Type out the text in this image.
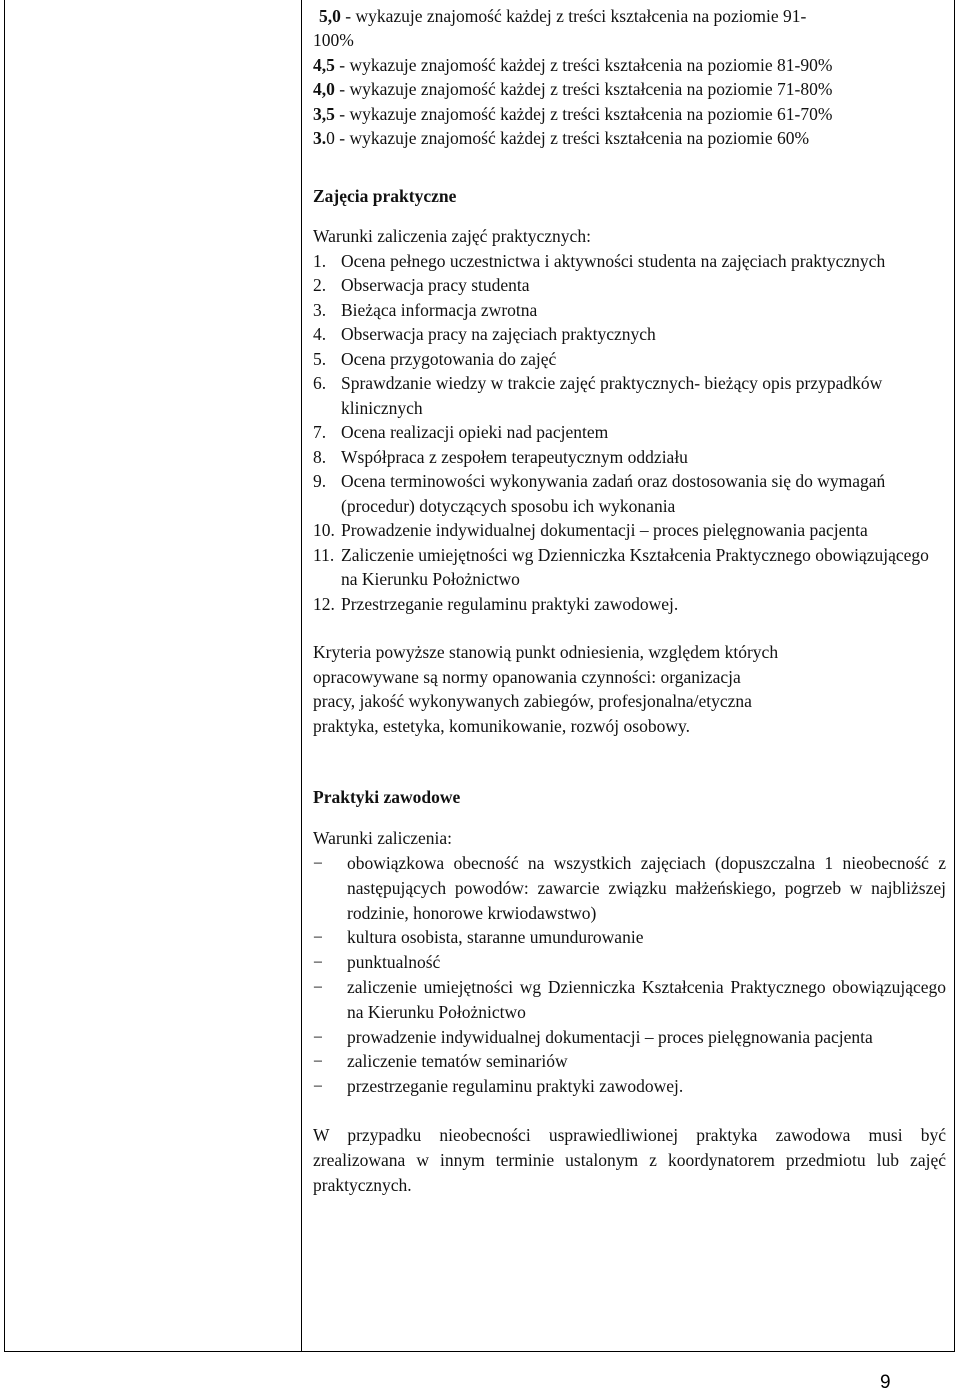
5,0 - wykazuje znajomość każdej z treści kształcenia na poziomie 91-
100%
4,5 - wykazuje znajomość każdej z treści kształcenia na poziomie 81-90%
4,0 - wykazuje znajomość każdej z treści kształcenia na poziomie 71-80%
3,5 - wykazuje znajomość każdej z treści kształcenia na poziomie 61-70%
3.0 - wykazuje znajomość każdej z treści kształcenia na poziomie 60%
Zajęcia praktyczne
Warunki zaliczenia zajęć praktycznych:
1. Ocena pełnego uczestnictwa i aktywności studenta na zajęciach praktycznych
2. Obserwacja pracy studenta
3. Bieżąca informacja zwrotna
4. Obserwacja pracy na zajęciach praktycznych
5. Ocena przygotowania do zajęć
6. Sprawdzanie wiedzy w trakcie zajęć praktycznych- bieżący opis przypadków klinicznych
7. Ocena realizacji opieki nad pacjentem
8. Współpraca z zespołem terapeutycznym oddziału
9. Ocena terminowości wykonywania zadań oraz dostosowania się do wymagań (procedur) dotyczących sposobu ich wykonania
10. Prowadzenie indywidualnej dokumentacji – proces pielęgnowania pacjenta
11. Zaliczenie umiejętności wg Dzienniczka Kształcenia Praktycznego obowiązującego na Kierunku Położnictwo
12. Przestrzeganie regulaminu praktyki zawodowej.
Kryteria powyższe stanowią punkt odniesienia, względem których
opracowywane są normy opanowania czynności: organizacja
pracy, jakość wykonywanych zabiegów, profesjonalna/etyczna
praktyka, estetyka, komunikowanie, rozwój osobowy.
Praktyki zawodowe
Warunki zaliczenia:
− obowiązkowa obecność na wszystkich zajęciach (dopuszczalna 1 nieobecność z następujących powodów: zawarcie związku małżeńskiego, pogrzeb w najbliższej rodzinie, honorowe krwiodawstwo)
− kultura osobista, staranne umundurowanie
− punktualność
− zaliczenie umiejętności wg Dzienniczka Kształcenia Praktycznego obowiązującego na Kierunku Położnictwo
− prowadzenie indywidualnej dokumentacji – proces pielęgnowania pacjenta
− zaliczenie tematów seminariów
− przestrzeganie regulaminu praktyki zawodowej.
W przypadku nieobecności usprawiedliwionej praktyka zawodowa musi być zrealizowana w innym terminie ustalonym z koordynatorem przedmiotu lub zajęć praktycznych.
9
